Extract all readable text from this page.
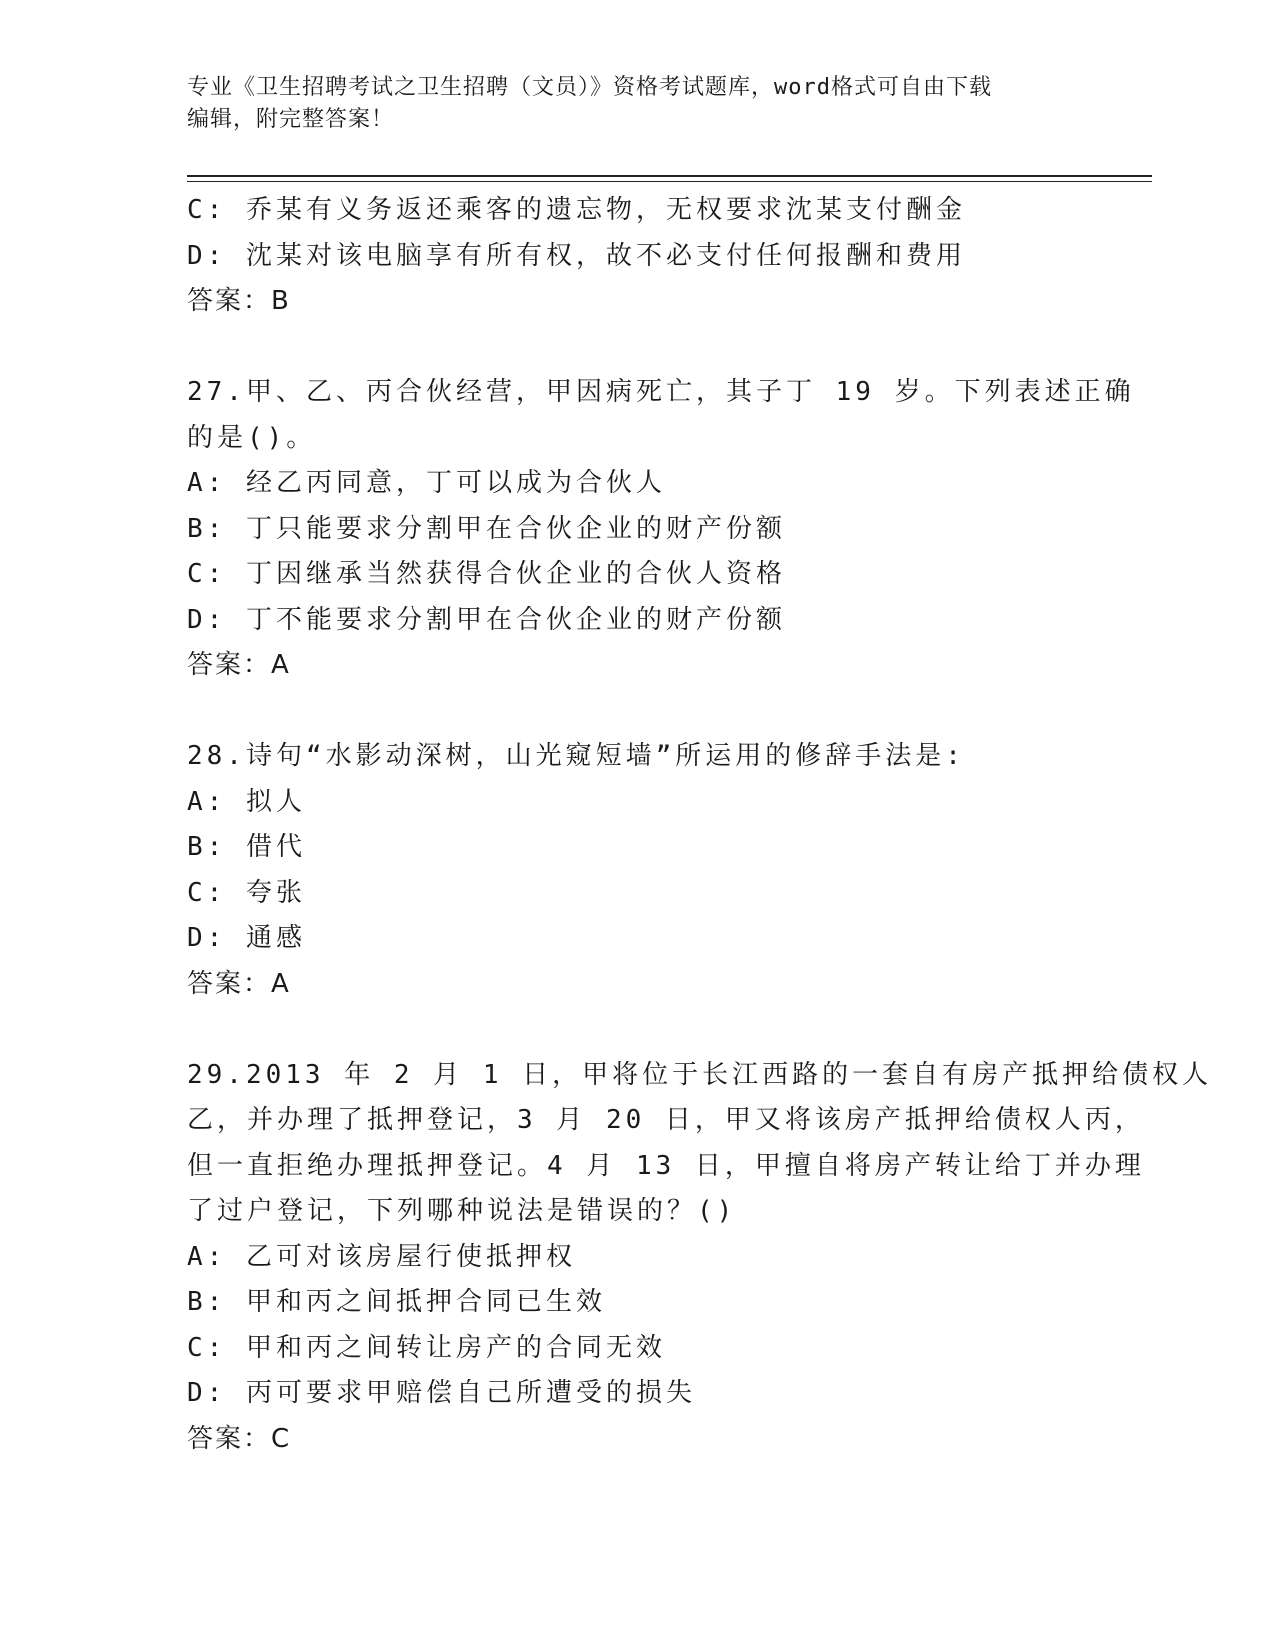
专业《卫生招聘考试之卫生招聘（文员）》资格考试题库，word格式可自由下载
编辑，附完整答案！
C: 乔某有义务返还乘客的遗忘物，无权要求沈某支付酬金
D: 沈某对该电脑享有所有权，故不必支付任何报酬和费用
答案：B
27.甲、乙、丙合伙经营，甲因病死亡，其子丁 19 岁。下列表述正确
的是()。
A: 经乙丙同意，丁可以成为合伙人
B: 丁只能要求分割甲在合伙企业的财产份额
C: 丁因继承当然获得合伙企业的合伙人资格
D: 丁不能要求分割甲在合伙企业的财产份额
答案：A
28.诗句“水影动深树，山光窥短墙”所运用的修辞手法是:
A: 拟人
B: 借代
C: 夸张
D: 通感
答案：A
29.2013 年 2 月 1 日，甲将位于长江西路的一套自有房产抵押给债权人
乙，并办理了抵押登记，3 月 20 日，甲又将该房产抵押给债权人丙，
但一直拒绝办理抵押登记。4 月 13 日，甲擅自将房产转让给丁并办理
了过户登记，下列哪种说法是错误的？()
A: 乙可对该房屋行使抵押权
B: 甲和丙之间抵押合同已生效
C: 甲和丙之间转让房产的合同无效
D: 丙可要求甲赔偿自己所遭受的损失
答案：C
